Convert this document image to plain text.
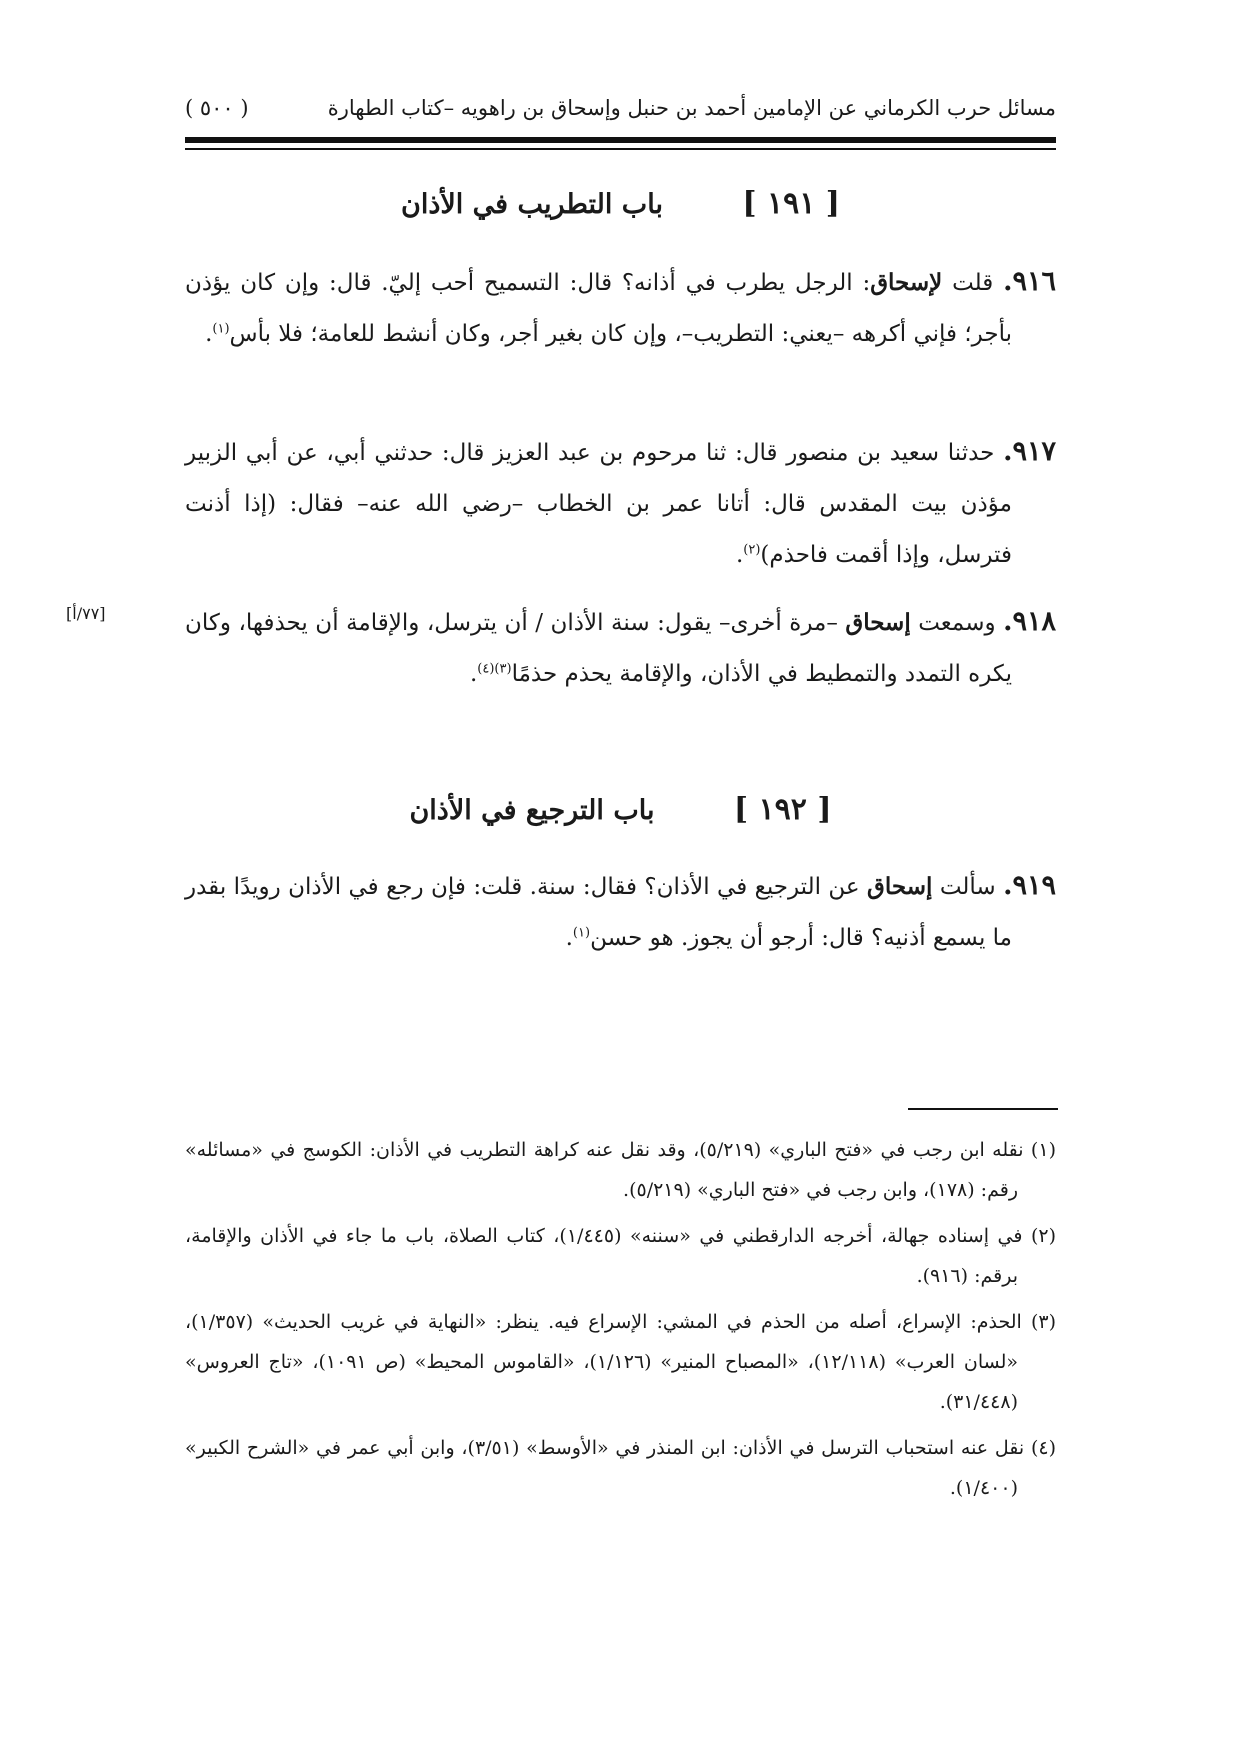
مسائل حرب الكرماني عن الإمامين أحمد بن حنبل وإسحاق بن راهويه –كتاب الطهارة
( ٥٠٠ )
[ ١٩١ ] باب التطريب في الأذان
٩١٦. قلت لإسحاق: الرجل يطرب في أذانه؟ قال: التسميح أحب إليّ. قال: وإن كان يؤذن بأجر؛ فإني أكرهه –يعني: التطريب–، وإن كان بغير أجر، وكان أنشط للعامة؛ فلا بأس$^{(١)}$.
٩١٧. حدثنا سعيد بن منصور قال: ثنا مرحوم بن عبد العزيز قال: حدثني أبي، عن أبي الزبير مؤذن بيت المقدس قال: أتانا عمر بن الخطاب –رضي الله عنه– فقال: (إذا أذنت فترسل، وإذا أقمت فاحذم)$^{(٢)}$.
[٧٧/أ]	٩١٨. وسمعت إسحاق –مرة أخرى– يقول: سنة الأذان / أن يترسل، والإقامة أن يحذفها، وكان يكره التمدد والتمطيط في الأذان، والإقامة يحذم حذمًا$^{(٣)(٤)}$.
[ ١٩٢ ] باب الترجيع في الأذان
٩١٩. سألت إسحاق عن الترجيع في الأذان؟ فقال: سنة. قلت: فإن رجع في الأذان رويدًا بقدر ما يسمع أذنيه؟ قال: أرجو أن يجوز. هو حسن$^{(١)}$.
(١) نقله ابن رجب في «فتح الباري» (٥/٢١٩)، وقد نقل عنه كراهة التطريب في الأذان: الكوسج في «مسائله» رقم: (١٧٨)، وابن رجب في «فتح الباري» (٥/٢١٩).
(٢) في إسناده جهالة، أخرجه الدارقطني في «سننه» (١/٤٤٥)، كتاب الصلاة، باب ما جاء في الأذان والإقامة، برقم: (٩١٦).
(٣) الحذم: الإسراع، أصله من الحذم في المشي: الإسراع فيه. ينظر: «النهاية في غريب الحديث» (١/٣٥٧)، «لسان العرب» (١٢/١١٨)، «المصباح المنير» (١/١٢٦)، «القاموس المحيط» (ص ١٠٩١)، «تاج العروس» (٣١/٤٤٨).
(٤) نقل عنه استحباب الترسل في الأذان: ابن المنذر في «الأوسط» (٣/٥١)، وابن أبي عمر في «الشرح الكبير» (١/٤٠٠).
